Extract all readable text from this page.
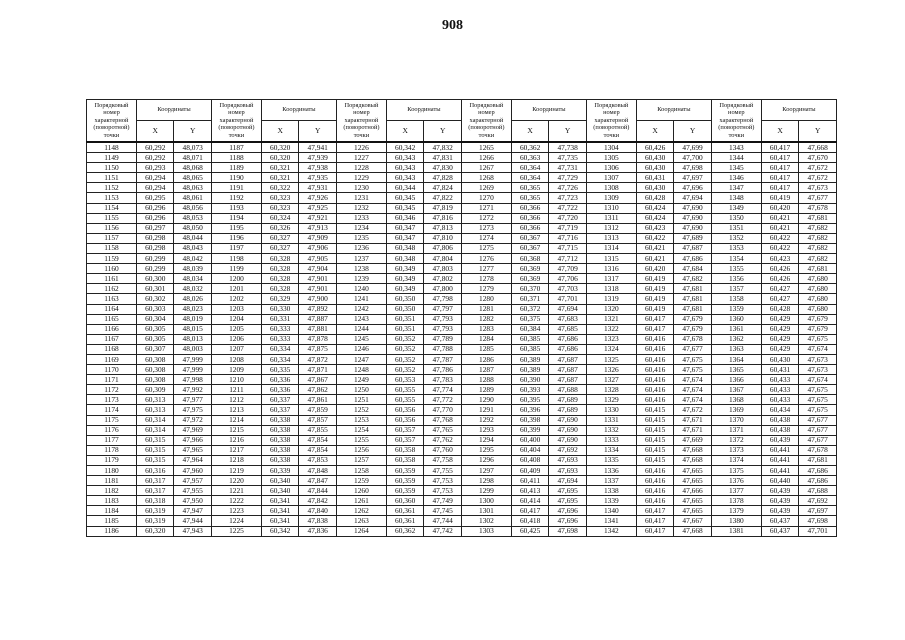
908
Порядковый номер характерной (поворотной) точки	Координаты		Порядковый номер характерной (поворотной) точки	Координаты		Порядковый номер характерной (поворотной) точки	Координаты		Порядковый номер характерной (поворотной) точки	Координаты		Порядковый номер характерной (поворотной) точки	Координаты		Порядковый номер характерной (поворотной) точки	Координаты	
	X	Y		X	Y		X	Y		X	Y		X	Y		X	Y
1148	60,292	48,073	1187	60,320	47,941	1226	60,342	47,832	1265	60,362	47,738	1304	60,426	47,699	1343	60,417	47,668
1149	60,292	48,071	1188	60,320	47,939	1227	60,343	47,831	1266	60,363	47,735	1305	60,430	47,700	1344	60,417	47,670
1150	60,293	48,068	1189	60,321	47,938	1228	60,343	47,830	1267	60,364	47,731	1306	60,430	47,698	1345	60,417	47,672
1151	60,294	48,065	1190	60,321	47,935	1229	60,343	47,828	1268	60,364	47,729	1307	60,431	47,697	1346	60,417	47,672
1152	60,294	48,063	1191	60,322	47,931	1230	60,344	47,824	1269	60,365	47,726	1308	60,430	47,696	1347	60,417	47,673
1153	60,295	48,061	1192	60,323	47,926	1231	60,345	47,822	1270	60,365	47,723	1309	60,428	47,694	1348	60,419	47,677
1154	60,296	48,056	1193	60,323	47,925	1232	60,345	47,819	1271	60,366	47,722	1310	60,424	47,690	1349	60,420	47,678
1155	60,296	48,053	1194	60,324	47,921	1233	60,346	47,816	1272	60,366	47,720	1311	60,424	47,690	1350	60,421	47,681
1156	60,297	48,050	1195	60,326	47,913	1234	60,347	47,813	1273	60,366	47,719	1312	60,423	47,690	1351	60,421	47,682
1157	60,298	48,044	1196	60,327	47,909	1235	60,347	47,810	1274	60,367	47,716	1313	60,422	47,689	1352	60,422	47,682
1158	60,298	48,043	1197	60,327	47,906	1236	60,348	47,806	1275	60,367	47,715	1314	60,421	47,687	1353	60,422	47,682
1159	60,299	48,042	1198	60,328	47,905	1237	60,348	47,804	1276	60,368	47,712	1315	60,421	47,686	1354	60,423	47,682
1160	60,299	48,039	1199	60,328	47,904	1238	60,349	47,803	1277	60,369	47,709	1316	60,420	47,684	1355	60,426	47,681
1161	60,300	48,034	1200	60,328	47,901	1239	60,349	47,802	1278	60,369	47,706	1317	60,419	47,682	1356	60,426	47,680
1162	60,301	48,032	1201	60,328	47,901	1240	60,349	47,800	1279	60,370	47,703	1318	60,419	47,681	1357	60,427	47,680
1163	60,302	48,026	1202	60,329	47,900	1241	60,350	47,798	1280	60,371	47,701	1319	60,419	47,681	1358	60,427	47,680
1164	60,303	48,023	1203	60,330	47,892	1242	60,350	47,797	1281	60,372	47,694	1320	60,419	47,681	1359	60,428	47,680
1165	60,304	48,019	1204	60,331	47,887	1243	60,351	47,793	1282	60,375	47,683	1321	60,417	47,679	1360	60,429	47,679
1166	60,305	48,015	1205	60,333	47,881	1244	60,351	47,793	1283	60,384	47,685	1322	60,417	47,679	1361	60,429	47,679
1167	60,305	48,013	1206	60,333	47,878	1245	60,352	47,789	1284	60,385	47,686	1323	60,416	47,678	1362	60,429	47,675
1168	60,307	48,003	1207	60,334	47,875	1246	60,352	47,788	1285	60,385	47,686	1324	60,416	47,677	1363	60,429	47,674
1169	60,308	47,999	1208	60,334	47,872	1247	60,352	47,787	1286	60,389	47,687	1325	60,416	47,675	1364	60,430	47,673
1170	60,308	47,999	1209	60,335	47,871	1248	60,352	47,786	1287	60,389	47,687	1326	60,416	47,675	1365	60,431	47,673
1171	60,308	47,998	1210	60,336	47,867	1249	60,353	47,783	1288	60,390	47,687	1327	60,416	47,674	1366	60,433	47,674
1172	60,309	47,992	1211	60,336	47,862	1250	60,355	47,774	1289	60,393	47,688	1328	60,416	47,674	1367	60,433	47,675
1173	60,313	47,977	1212	60,337	47,861	1251	60,355	47,772	1290	60,395	47,689	1329	60,416	47,674	1368	60,433	47,675
1174	60,313	47,975	1213	60,337	47,859	1252	60,356	47,770	1291	60,396	47,689	1330	60,415	47,672	1369	60,434	47,675
1175	60,314	47,972	1214	60,338	47,857	1253	60,356	47,768	1292	60,398	47,690	1331	60,415	47,671	1370	60,438	47,677
1176	60,314	47,969	1215	60,338	47,855	1254	60,357	47,765	1293	60,399	47,690	1332	60,415	47,671	1371	60,438	47,677
1177	60,315	47,966	1216	60,338	47,854	1255	60,357	47,762	1294	60,400	47,690	1333	60,415	47,669	1372	60,439	47,677
1178	60,315	47,965	1217	60,338	47,854	1256	60,358	47,760	1295	60,404	47,692	1334	60,415	47,668	1373	60,441	47,678
1179	60,315	47,964	1218	60,338	47,853	1257	60,358	47,758	1296	60,408	47,693	1335	60,415	47,668	1374	60,441	47,681
1180	60,316	47,960	1219	60,339	47,848	1258	60,359	47,755	1297	60,409	47,693	1336	60,416	47,665	1375	60,441	47,686
1181	60,317	47,957	1220	60,340	47,847	1259	60,359	47,753	1298	60,411	47,694	1337	60,416	47,665	1376	60,440	47,686
1182	60,317	47,955	1221	60,340	47,844	1260	60,359	47,753	1299	60,413	47,695	1338	60,416	47,666	1377	60,439	47,688
1183	60,318	47,950	1222	60,341	47,842	1261	60,360	47,749	1300	60,414	47,695	1339	60,416	47,665	1378	60,439	47,692
1184	60,319	47,947	1223	60,341	47,840	1262	60,361	47,745	1301	60,417	47,696	1340	60,417	47,665	1379	60,439	47,697
1185	60,319	47,944	1224	60,341	47,838	1263	60,361	47,744	1302	60,418	47,696	1341	60,417	47,667	1380	60,437	47,698
1186	60,320	47,943	1225	60,342	47,836	1264	60,362	47,742	1303	60,425	47,698	1342	60,417	47,668	1381	60,437	47,701
